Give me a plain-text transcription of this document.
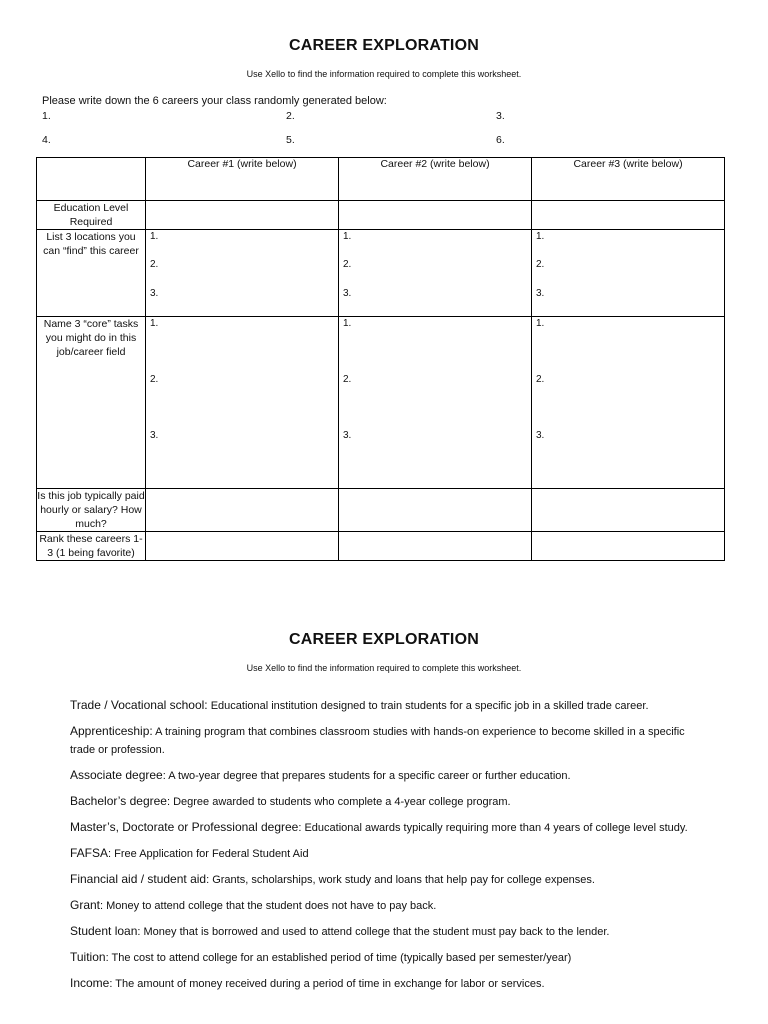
CAREER EXPLORATION
Use Xello to find the information required to complete this worksheet.
Please write down the 6 careers your class randomly generated below:
1.	2.	3.
4.	5.	6.
	Career #1 (write below)	Career #2 (write below)	Career #3 (write below)
Education Level Required			
List 3 locations you can “find” this career	1.
2.
3.	1.
2.
3.	1.
2.
3.

Name 3 “core” tasks you might do in this job/career field	1.
2.
3.	1.
2.
3.	1.
2.
3.

Is this job typically paid hourly or salary? How much?			
Rank these careers 1-3 (1 being favorite)			
CAREER EXPLORATION
Use Xello to find the information required to complete this worksheet.

Trade / Vocational school: Educational institution designed to train students for a specific job in a skilled trade career.

Apprenticeship: A training program that combines classroom studies with hands-on experience to become skilled in a specific trade or profession.

Associate degree: A two-year degree that prepares students for a specific career or further education.

Bachelor’s degree: Degree awarded to students who complete a 4-year college program.

Master’s, Doctorate or Professional degree: Educational awards typically requiring more than 4 years of college level study.

FAFSA: Free Application for Federal Student Aid

Financial aid / student aid: Grants, scholarships, work study and loans that help pay for college expenses.

Grant: Money to attend college that the student does not have to pay back.

Student loan: Money that is borrowed and used to attend college that the student must pay back to the lender.

Tuition: The cost to attend college for an established period of time (typically based per semester/year)

Income: The amount of money received during a period of time in exchange for labor or services.
